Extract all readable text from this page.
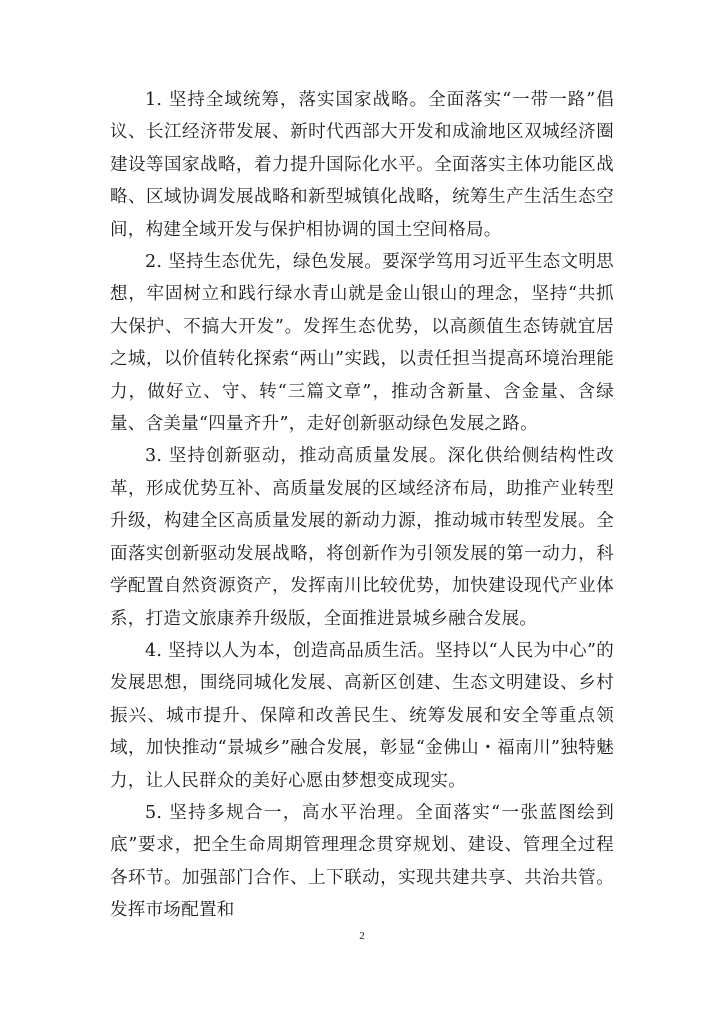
1. 坚持全域统筹，落实国家战略。全面落实“一带一路”倡议、长江经济带发展、新时代西部大开发和成渝地区双城经济圈建设等国家战略，着力提升国际化水平。全面落实主体功能区战略、区域协调发展战略和新型城镇化战略，统筹生产生活生态空间，构建全域开发与保护相协调的国土空间格局。

2. 坚持生态优先，绿色发展。要深学笃用习近平生态文明思想，牢固树立和践行绿水青山就是金山银山的理念，坚持“共抓大保护、不搞大开发”。发挥生态优势，以高颜值生态铸就宜居之城，以价值转化探索“两山”实践，以责任担当提高环境治理能力，做好立、守、转“三篇文章”，推动含新量、含金量、含绿量、含美量“四量齐升”，走好创新驱动绿色发展之路。

3. 坚持创新驱动，推动高质量发展。深化供给侧结构性改革，形成优势互补、高质量发展的区域经济布局，助推产业转型升级，构建全区高质量发展的新动力源，推动城市转型发展。全面落实创新驱动发展战略，将创新作为引领发展的第一动力，科学配置自然资源资产，发挥南川比较优势，加快建设现代产业体系，打造文旅康养升级版，全面推进景城乡融合发展。

4. 坚持以人为本，创造高品质生活。坚持以“人民为中心”的发展思想，围绕同城化发展、高新区创建、生态文明建设、乡村振兴、城市提升、保障和改善民生、统筹发展和安全等重点领域，加快推动“景城乡”融合发展，彰显“金佛山・福南川”独特魅力，让人民群众的美好心愿由梦想变成现实。

5. 坚持多规合一，高水平治理。全面落实“一张蓝图绘到底”要求，把全生命周期管理理念贯穿规划、建设、管理全过程各环节。加强部门合作、上下联动，实现共建共享、共治共管。发挥市场配置和

2
